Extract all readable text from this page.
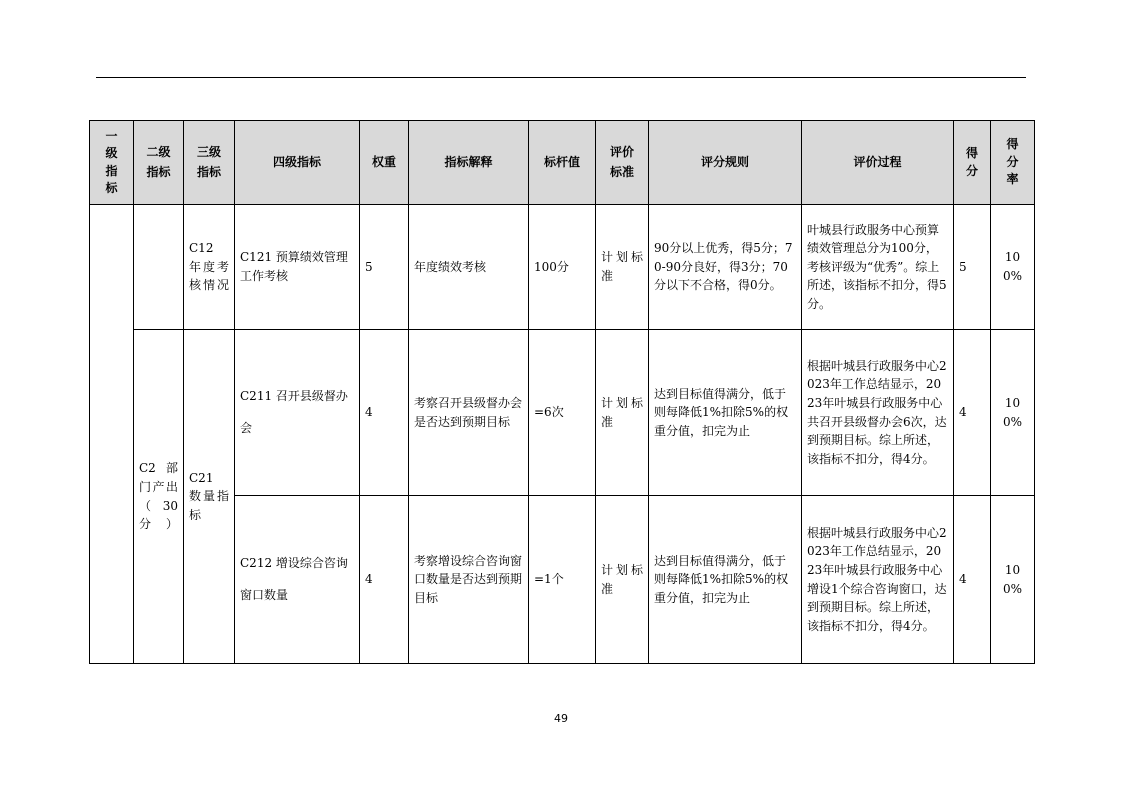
一级指标	二级指标	三级指标	四级指标	权重	指标解释	标杆值	评价标准	评分规则	评价过程	得分	得分率

		C12 年度考核情况	C121 预算绩效管理工作考核	5	年度绩效考核	100分	计划标准	90分以上优秀，得5分；70-90分良好，得3分；70分以下不合格，得0分。	叶城县行政服务中心预算绩效管理总分为100分，考核评级为“优秀”。综上所述，该指标不扣分，得5分。	5	100%

	C2 部门产出（30分）	C21 数量指标	C211 召开县级督办会	4	考察召开县级督办会是否达到预期目标	=6次	计划标准	达到目标值得满分，低于则每降低1%扣除5%的权重分值，扣完为止	根据叶城县行政服务中心2023年工作总结显示，2023年叶城县行政服务中心共召开县级督办会6次，达到预期目标。综上所述，该指标不扣分，得4分。	4	100%
			C212 增设综合咨询窗口数量	4	考察增设综合咨询窗口数量是否达到预期目标	=1个	计划标准	达到目标值得满分，低于则每降低1%扣除5%的权重分值，扣完为止	根据叶城县行政服务中心2023年工作总结显示，2023年叶城县行政服务中心增设1个综合咨询窗口，达到预期目标。综上所述，该指标不扣分，得4分。	4	100%
49
